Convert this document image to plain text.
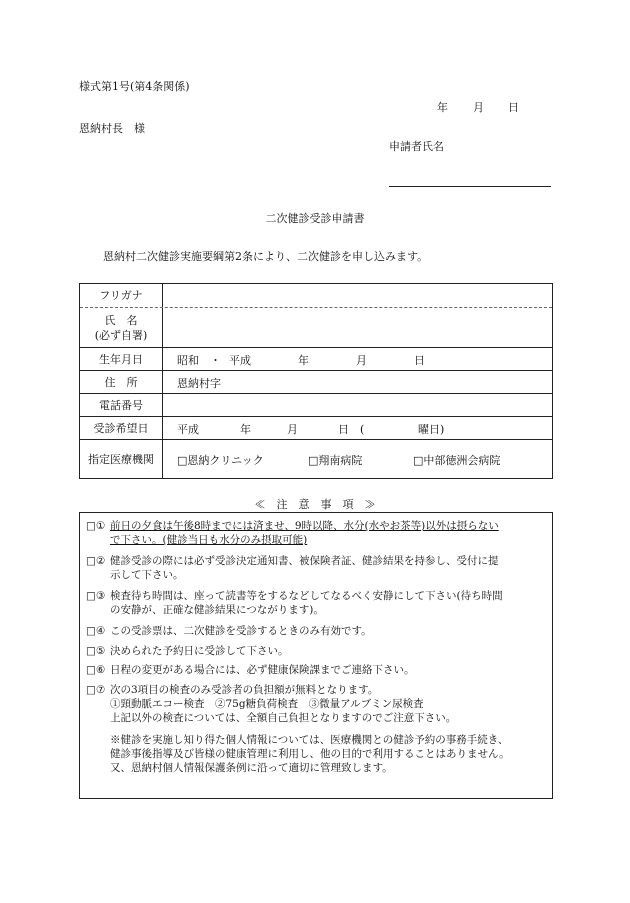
様式第1号(第4条関係)
年 月 日
恩納村長　様
申請者氏名
二次健診受診申請書
恩納村二次健診実施要綱第2条により、二次健診を申し込みます。
フリガナ
氏　名
(必ず自署)
生年月日	昭和 ・ 平成	年	月	日
住　所	恩納村字
電話番号
受診希望日	平成	年	月	日　(	曜日)
指定医療機関	□恩納クリニック	□翔南病院	□中部徳洲会病院
≪　注　意　事　項　≫
□① 前日の夕食は午後8時までには済ませ、9時以降、水分(水やお茶等)以外は摂らない
で下さい。(健診当日も水分のみ摂取可能)
□② 健診受診の際には必ず受診決定通知書、被保険者証、健診結果を持参し、受付に提
示して下さい。
□③ 検査待ち時間は、座って読書等をするなどしてなるべく安静にして下さい(待ち時間
の安静が、正確な健診結果につながります)。
□④ この受診票は、二次健診を受診するときのみ有効です。
□⑤ 決められた予約日に受診して下さい。
□⑥ 日程の変更がある場合には、必ず健康保険課までご連絡下さい。
□⑦ 次の3項目の検査のみ受診者の負担額が無料となります。
①頸動脈エコー検査　②75g糖負荷検査　③微量アルブミン尿検査
上記以外の検査については、全額自己負担となりますのでご注意下さい。
※健診を実施し知り得た個人情報については、医療機関との健診予約の事務手続き、
健診事後指導及び皆様の健康管理に利用し、他の目的で利用することはありません。
又、恩納村個人情報保護条例に沿って適切に管理致します。
